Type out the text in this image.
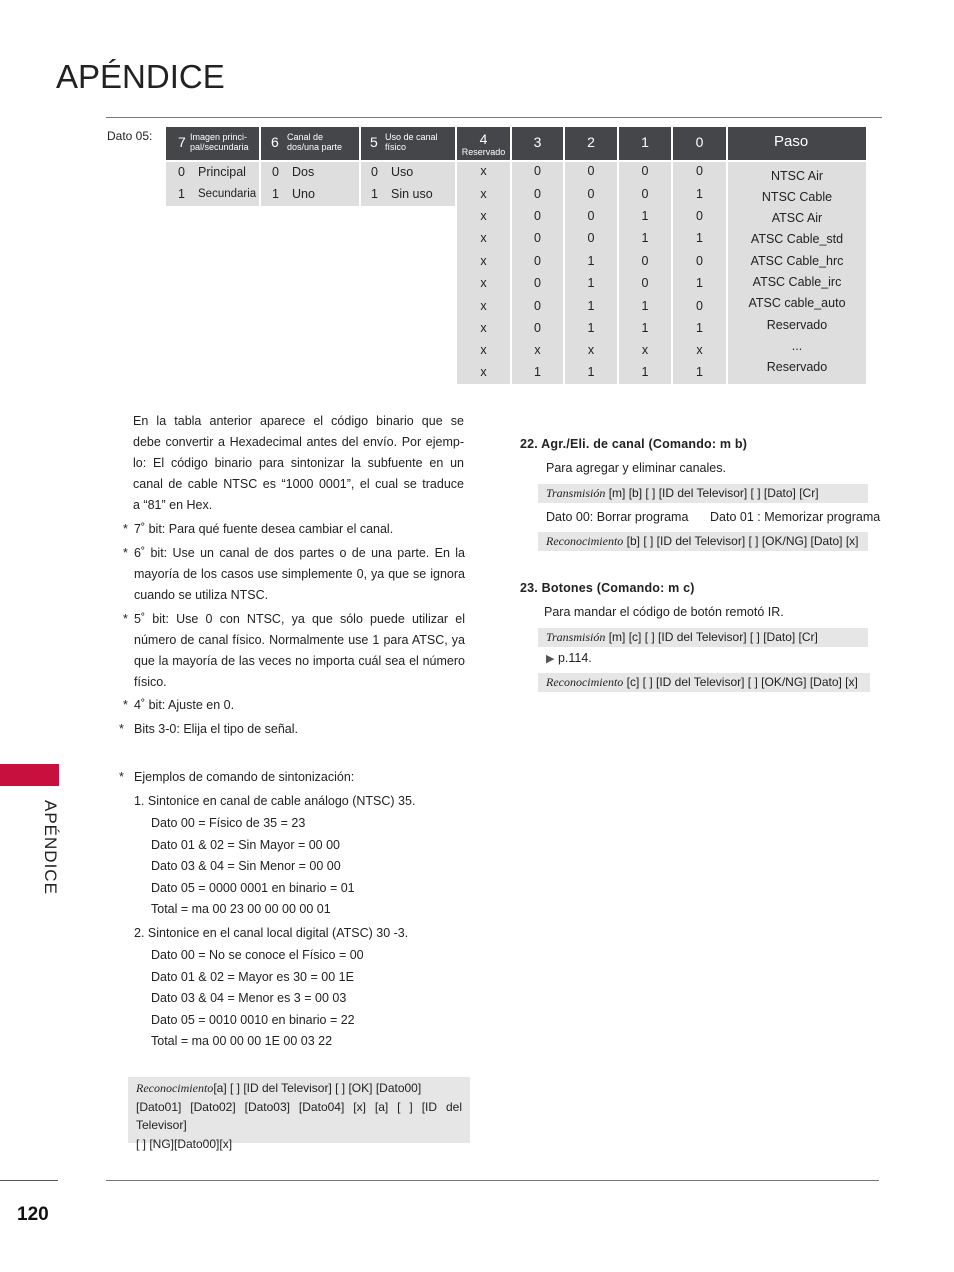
APÉNDICE
APÉNDICE
120
Dato 05: 7 Imagen princi-pal/secundaria
0 Principal
1 Secundaria
6 Canal de dos/una parte
0 Dos
1 Uno
5 Uso de canal físico
0 Uso
1 Sin uso
4
Reservado
x
x
x
x
x
x
x
x
x
x
3
0
0
0
0
0
0
0
0
x
1
2
0
0
0
0
1
1
1
1
x
1
1
0
0
1
1
0
0
1
1
x
1
0
0
1
0
1
0
1
0
1
x
1
Paso
NTSC Air
NTSC Cable
ATSC Air
ATSC Cable_std
ATSC Cable_hrc
ATSC Cable_irc
ATSC cable_auto
Reservado
...
Reservado
En la tabla anterior aparece el código binario que se
debe convertir a Hexadecimal antes del envío. Por ejemp-
lo: El código binario para sintonizar la subfuente en un
canal de cable NTSC es “1000 0001”, el cual se traduce
a “81” en Hex.
* 7˚ bit: Para qué fuente desea cambiar el canal.
* 6˚ bit: Use un canal de dos partes o de una parte. En la
mayoría de los casos use simplemente 0, ya que se ignora
cuando se utiliza NTSC.
* 5˚ bit: Use 0 con NTSC, ya que sólo puede utilizar el
número de canal físico. Normalmente use 1 para ATSC, ya
que la mayoría de las veces no importa cuál sea el número
físico.
* 4˚ bit: Ajuste en 0.
* Bits 3-0: Elija el tipo de señal.
* Ejemplos de comando de sintonización:
1. Sintonice en canal de cable análogo (NTSC) 35.
Dato 00 = Físico de 35 = 23
Dato 01 & 02 = Sin Mayor = 00 00
Dato 03 & 04 = Sin Menor = 00 00
Dato 05 = 0000 0001 en binario = 01
Total = ma 00 23 00 00 00 00 01
2. Sintonice en el canal local digital (ATSC) 30 -3.
Dato 00 = No se conoce el Físico = 00
Dato 01 & 02 = Mayor es 30 = 00 1E
Dato 03 & 04 = Menor es 3 = 00 03
Dato 05 = 0010 0010 en binario = 22
Total = ma 00 00 00 1E 00 03 22
Reconocimiento[a] [ ] [ID del Televisor] [ ] [OK] [Dato00]
[Dato01] [Dato02] [Dato03] [Dato04] [x] [a] [ ] [ID del Televisor]
[ ] [NG][Dato00][x]
22. Agr./Eli. de canal (Comando: m b)
Para agregar y eliminar canales.
Transmisión [m] [b] [ ] [ID del Televisor] [ ] [Dato] [Cr]
Dato 00: Borrar programa Dato 01 : Memorizar programa
Reconocimiento [b] [ ] [ID del Televisor] [ ] [OK/NG] [Dato] [x]
23. Botones (Comando: m c)
Para mandar el código de botón remotó IR.
Transmisión [m] [c] [ ] [ID del Televisor] [ ] [Dato] [Cr]
▶ p.114.
Reconocimiento [c] [ ] [ID del Televisor] [ ] [OK/NG] [Dato] [x]
